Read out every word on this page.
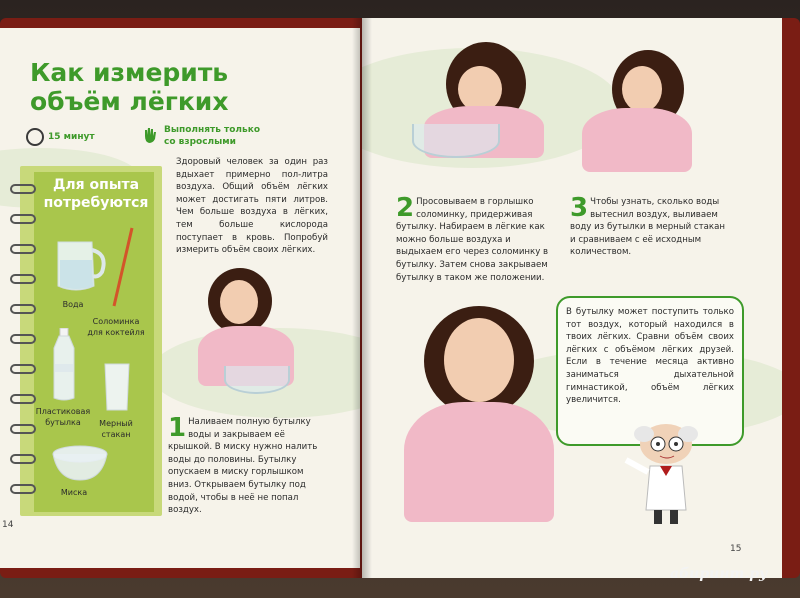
Как измерить
объём лёгких
15 минут
Выполнять только
со взрослыми
Для опыта
потребуются
Вода
Соломинка
для коктейля
Пластиковая
бутылка	Мерный
стакан
Миска
Здоровый человек за один раз вдыхает примерно пол-литра воздуха. Общий объём лёгких может достигать пяти литров. Чем больше воздуха в лёгких, тем больше кислорода поступает в кровь. Попробуй измерить объём своих лёгких.
1 Наливаем полную бутылку воды и закрываем её крышкой. В миску нужно налить воды до половины. Бутылку опускаем в миску горлышком вниз. Открываем бутылку под водой, чтобы в неё не попал воздух.
14
2 Просовываем в горлышко соломинку, придерживая бутылку. Набираем в лёгкие как можно больше воздуха и выдыхаем его через соломинку в бутылку. Затем снова закрываем бутылку в таком же положении.
3 Чтобы узнать, сколько воды вытеснил воздух, выливаем воду из бутылки в мерный стакан и сравниваем с её исходным количеством.
В бутылку может поступить только тот воздух, который находился в твоих лёгких. Сравни объём своих лёгких с объёмом лёгких друзей. Если в течение месяца активно заниматься дыхательной гимнастикой, объём лёгких увеличится.
15
абиринт.ру
